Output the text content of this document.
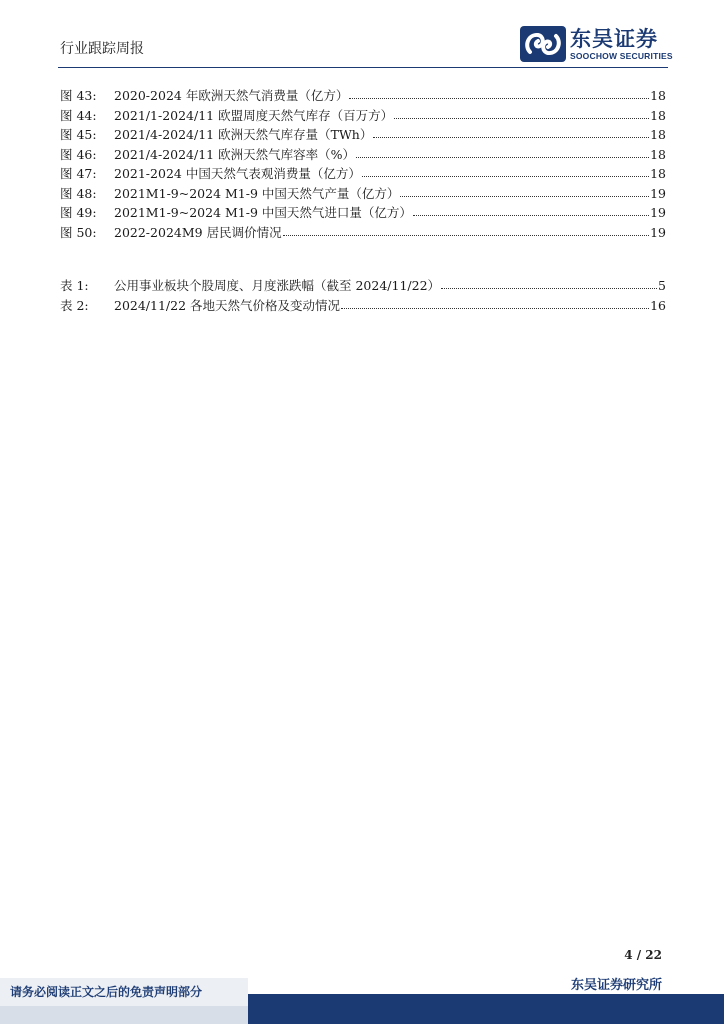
行业跟踪周报	东吴证券
SOOCHOW SECURITIES
图 43:	2020-2024 年欧洲天然气消费量（亿方）	18
图 44:	2021/1-2024/11 欧盟周度天然气库存（百万方）	18
图 45:	2021/4-2024/11 欧洲天然气库存量（TWh）	18
图 46:	2021/4-2024/11 欧洲天然气库容率（%）	18
图 47:	2021-2024 中国天然气表观消费量（亿方）	18
图 48:	2021M1-9~2024 M1-9 中国天然气产量（亿方）	19
图 49:	2021M1-9~2024 M1-9 中国天然气进口量（亿方）	19
图 50:	2022-2024M9 居民调价情况	19
表 1:	公用事业板块个股周度、月度涨跌幅（截至 2024/11/22）	5
表 2:	2024/11/22 各地天然气价格及变动情况	16
4 / 22
请务必阅读正文之后的免责声明部分	东吴证券研究所
